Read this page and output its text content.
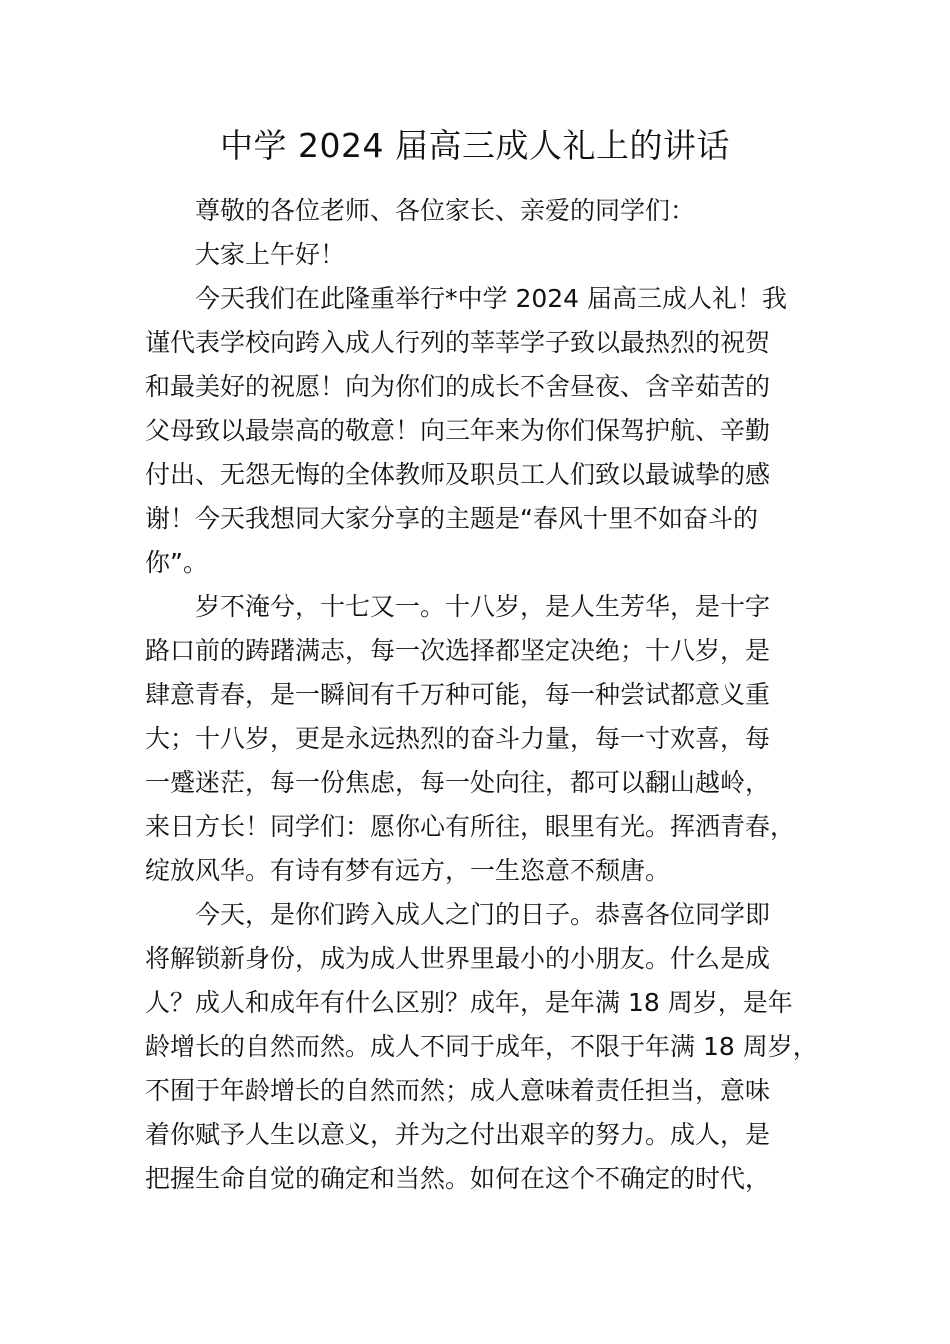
中学 2024 届高三成人礼上的讲话
尊敬的各位老师、各位家长、亲爱的同学们：
大家上午好！
今天我们在此隆重举行*中学 2024 届高三成人礼！我
谨代表学校向跨入成人行列的莘莘学子致以最热烈的祝贺
和最美好的祝愿！向为你们的成长不舍昼夜、含辛茹苦的
父母致以最崇高的敬意！向三年来为你们保驾护航、辛勤
付出、无怨无悔的全体教师及职员工人们致以最诚挚的感
谢！今天我想同大家分享的主题是“春风十里不如奋斗的
你”。
岁不淹兮，十七又一。十八岁，是人生芳华，是十字
路口前的踌躇满志，每一次选择都坚定决绝；十八岁，是
肆意青春，是一瞬间有千万种可能，每一种尝试都意义重
大；十八岁，更是永远热烈的奋斗力量，每一寸欢喜，每
一蹙迷茫，每一份焦虑，每一处向往，都可以翻山越岭，
来日方长！同学们：愿你心有所往，眼里有光。挥洒青春，
绽放风华。有诗有梦有远方，一生恣意不颓唐。
今天，是你们跨入成人之门的日子。恭喜各位同学即
将解锁新身份，成为成人世界里最小的小朋友。什么是成
人？成人和成年有什么区别？成年，是年满 18 周岁，是年
龄增长的自然而然。成人不同于成年，不限于年满 18 周岁，
不囿于年龄增长的自然而然；成人意味着责任担当，意味
着你赋予人生以意义，并为之付出艰辛的努力。成人，是
把握生命自觉的确定和当然。如何在这个不确定的时代，
